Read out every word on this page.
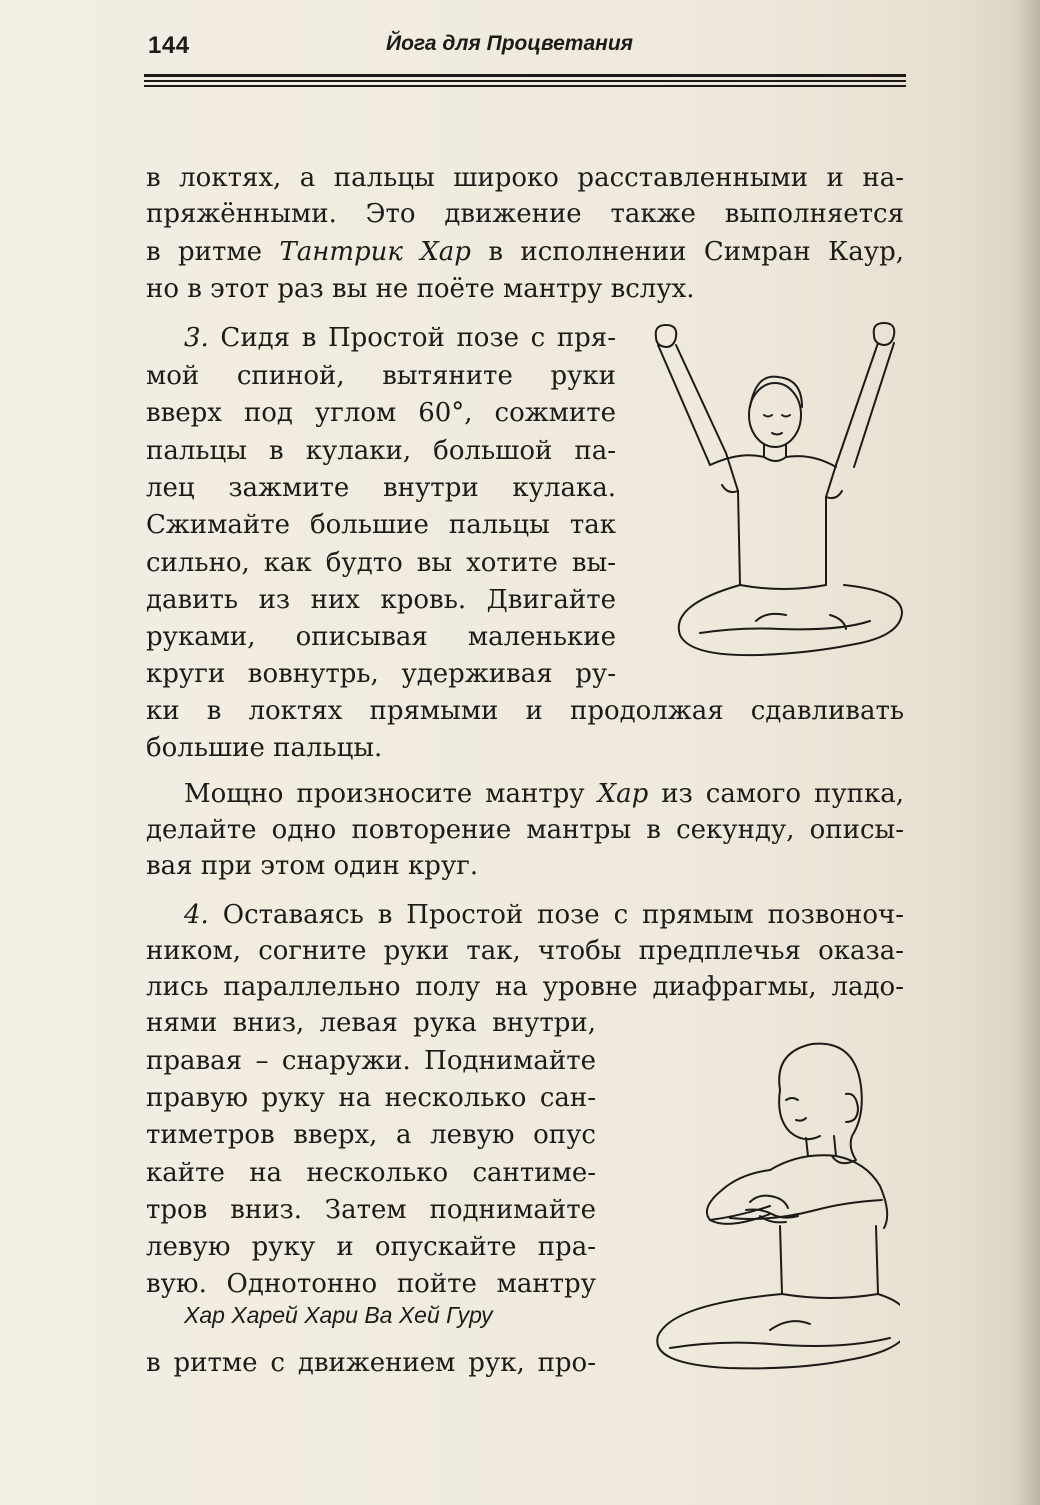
144	Йога для Процветания
в локтях, а пальцы широко расставленными и на-
пряжёнными. Это движение также выполняется
в ритме Тантрик Хар в исполнении Симран Каур,
но в этот раз вы не поёте мантру вслух.
3. Сидя в Простой позе с пря-
мой спиной, вытяните руки
вверх под углом 60°, сожмите
пальцы в кулаки, большой па-
лец зажмите внутри кулака.
Сжимайте большие пальцы так
сильно, как будто вы хотите вы-
давить из них кровь. Двигайте
руками, описывая маленькие
круги вовнутрь, удерживая ру-
ки в локтях прямыми и продолжая сдавливать
большие пальцы.
Мощно произносите мантру Хар из самого пупка,
делайте одно повторение мантры в секунду, описы-
вая при этом один круг.
4. Оставаясь в Простой позе с прямым позвоноч-
ником, согните руки так, чтобы предплечья оказа-
лись параллельно полу на уровне диафрагмы, ладо-
нями вниз, левая рука внутри,
правая – снаружи. Поднимайте
правую руку на несколько сан-
тиметров вверх, а левую опус
кайте на несколько сантиме-
тров вниз. Затем поднимайте
левую руку и опускайте пра-
вую. Однотонно пойте мантру
Хар Харей Хари Ва Хей Гуру
в ритме с движением рук, про-
